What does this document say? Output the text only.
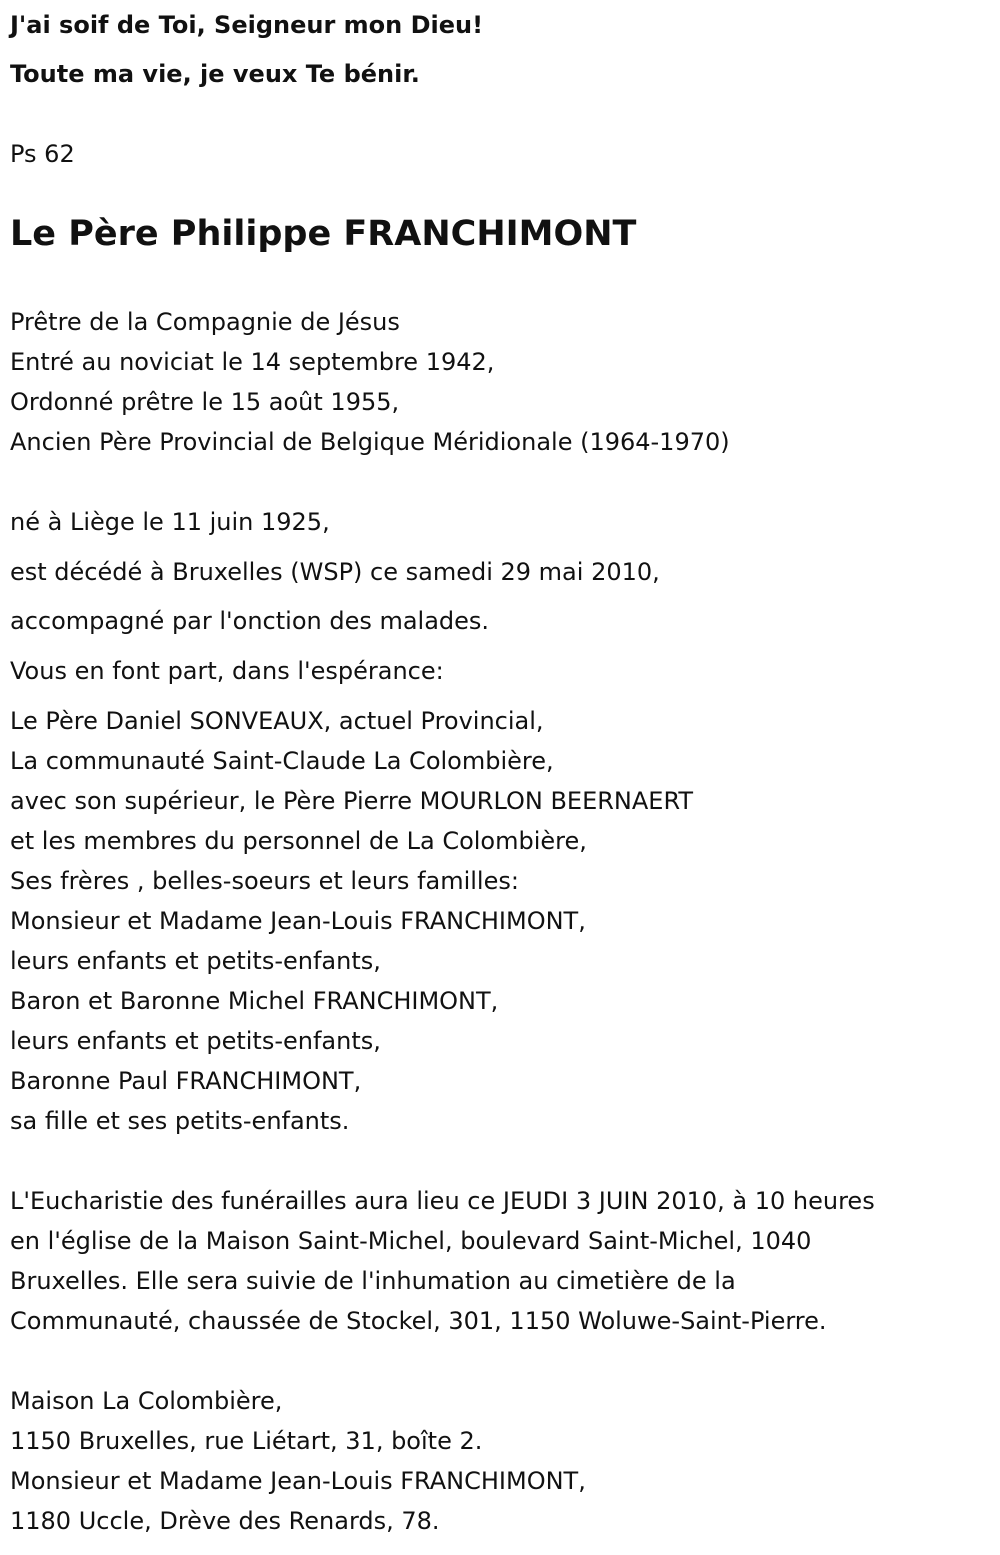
J'ai soif de Toi, Seigneur mon Dieu!
Toute ma vie, je veux Te bénir.
Ps 62
Le Père Philippe FRANCHIMONT
Prêtre de la Compagnie de Jésus
Entré au noviciat le 14 septembre 1942,
Ordonné prêtre le 15 août 1955,
Ancien Père Provincial de Belgique Méridionale (1964-1970)
né à Liège le 11 juin 1925,
est décédé à Bruxelles (WSP) ce samedi 29 mai 2010,
accompagné par l'onction des malades.
Vous en font part, dans l'espérance:
Le Père Daniel SONVEAUX, actuel Provincial,
La communauté Saint-Claude La Colombière,
avec son supérieur, le Père Pierre MOURLON BEERNAERT
et les membres du personnel de La Colombière,
Ses frères , belles-soeurs et leurs familles:
Monsieur et Madame Jean-Louis FRANCHIMONT,
leurs enfants et petits-enfants,
Baron et Baronne Michel FRANCHIMONT,
leurs enfants et petits-enfants,
Baronne Paul FRANCHIMONT,
sa fille et ses petits-enfants.
L'Eucharistie des funérailles aura lieu ce JEUDI 3 JUIN 2010, à 10 heures
en l'église de la Maison Saint-Michel, boulevard Saint-Michel, 1040
Bruxelles. Elle sera suivie de l'inhumation au cimetière de la
Communauté, chaussée de Stockel, 301, 1150 Woluwe-Saint-Pierre.
Maison La Colombière,
1150 Bruxelles, rue Liétart, 31, boîte 2.
Monsieur et Madame Jean-Louis FRANCHIMONT,
1180 Uccle, Drève des Renards, 78.
